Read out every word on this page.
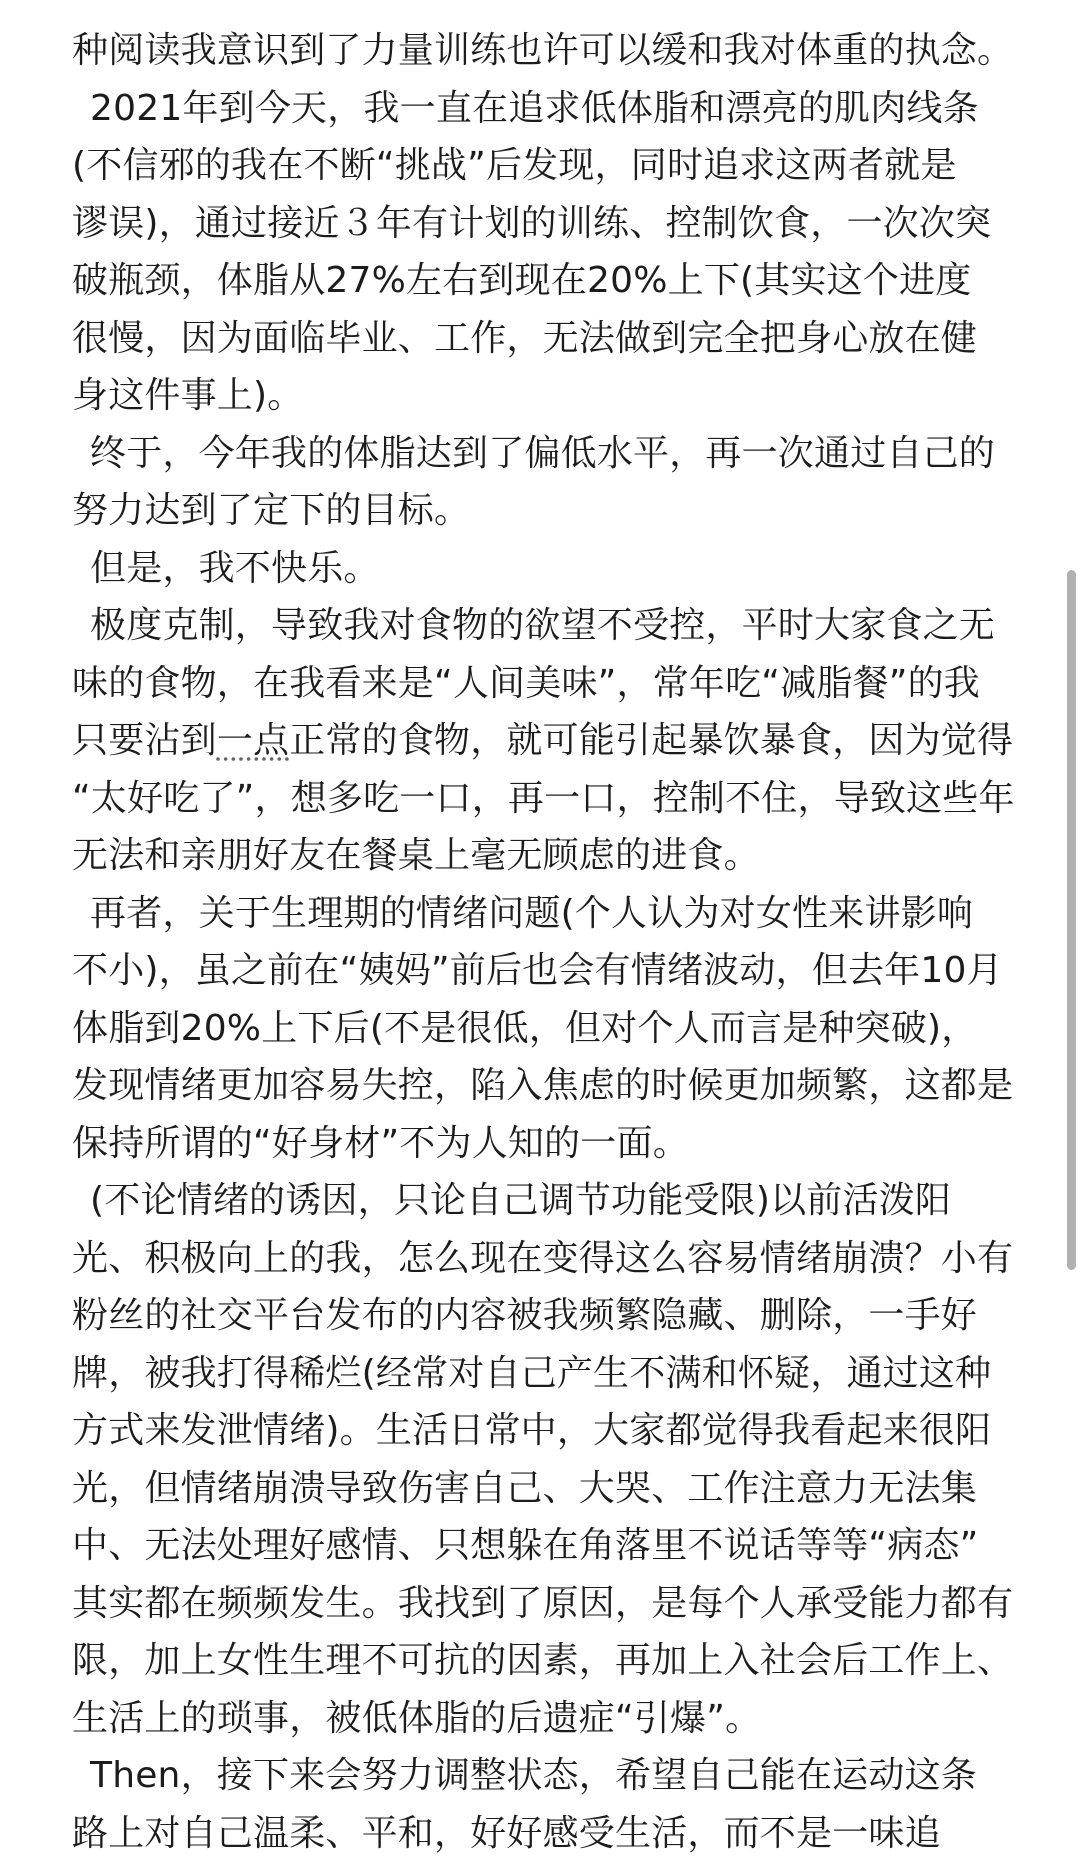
种阅读我意识到了力量训练也许可以缓和我对体重的执念。
2021年到今天，我一直在追求低体脂和漂亮的肌肉线条
(不信邪的我在不断“挑战”后发现，同时追求这两者就是
谬误)，通过接近３年有计划的训练、控制饮食，一次次突
破瓶颈，体脂从27%左右到现在20%上下(其实这个进度
很慢，因为面临毕业、工作，无法做到完全把身心放在健
身这件事上)。
终于，今年我的体脂达到了偏低水平，再一次通过自己的
努力达到了定下的目标。
但是，我不快乐。
极度克制，导致我对食物的欲望不受控，平时大家食之无
味的食物，在我看来是“人间美味”，常年吃“减脂餐”的我
只要沾到一点正常的食物，就可能引起暴饮暴食，因为觉得
“太好吃了”，想多吃一口，再一口，控制不住，导致这些年
无法和亲朋好友在餐桌上毫无顾虑的进食。
再者，关于生理期的情绪问题(个人认为对女性来讲影响
不小)，虽之前在“姨妈”前后也会有情绪波动，但去年10月
体脂到20%上下后(不是很低，但对个人而言是种突破)，
发现情绪更加容易失控，陷入焦虑的时候更加频繁，这都是
保持所谓的“好身材”不为人知的一面。
(不论情绪的诱因，只论自己调节功能受限)以前活泼阳
光、积极向上的我，怎么现在变得这么容易情绪崩溃？小有
粉丝的社交平台发布的内容被我频繁隐藏、删除，一手好
牌，被我打得稀烂(经常对自己产生不满和怀疑，通过这种
方式来发泄情绪)。生活日常中，大家都觉得我看起来很阳
光，但情绪崩溃导致伤害自己、大哭、工作注意力无法集
中、无法处理好感情、只想躲在角落里不说话等等“病态”
其实都在频频发生。我找到了原因，是每个人承受能力都有
限，加上女性生理不可抗的因素，再加上入社会后工作上、
生活上的琐事，被低体脂的后遗症“引爆”。
Then，接下来会努力调整状态，希望自己能在运动这条
路上对自己温柔、平和，好好感受生活，而不是一味追
